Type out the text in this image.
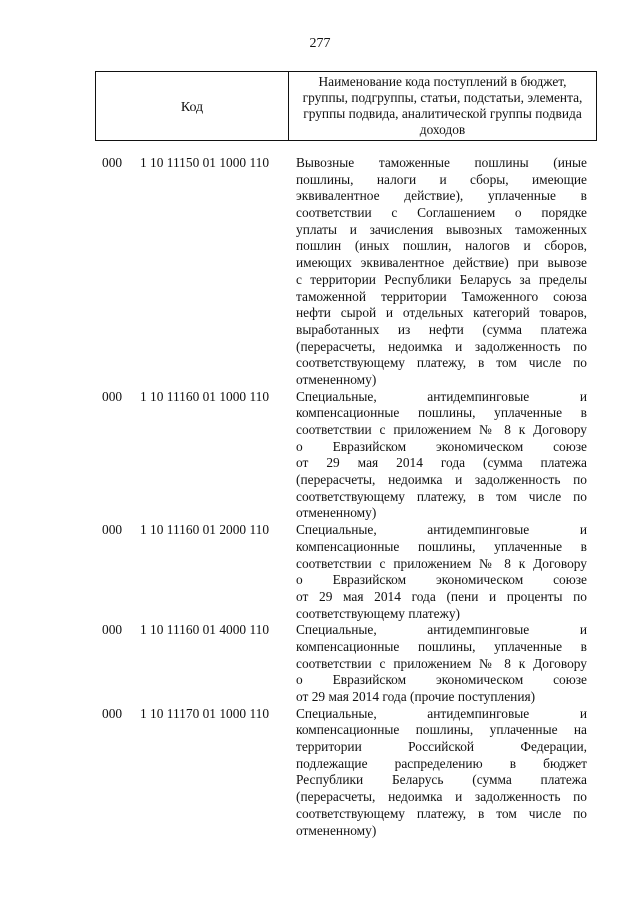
277
Код
Наименование кода поступлений в бюджет, группы, подгруппы, статьи, подстатьи, элемента, группы подвида, аналитической группы подвида доходов
000 1 10 11150 01 1000 110 Вывозные таможенные пошлины (иные
пошлины, налоги и сборы, имеющие
эквивалентное действие), уплаченные в
соответствии с Соглашением о порядке
уплаты и зачисления вывозных таможенных
пошлин (иных пошлин, налогов и сборов,
имеющих эквивалентное действие) при вывозе
с территории Республики Беларусь за пределы
таможенной территории Таможенного союза
нефти сырой и отдельных категорий товаров,
выработанных из нефти (сумма платежа
(перерасчеты, недоимка и задолженность по
соответствующему платежу, в том числе по
отмененному)
000 1 10 11160 01 1000 110 Специальные, антидемпинговые и
компенсационные пошлины, уплаченные в
соответствии с приложением № 8 к Договору
о Евразийском экономическом союзе
от 29 мая 2014 года (сумма платежа
(перерасчеты, недоимка и задолженность по
соответствующему платежу, в том числе по
отмененному)
000 1 10 11160 01 2000 110 Специальные, антидемпинговые и
компенсационные пошлины, уплаченные в
соответствии с приложением № 8 к Договору
о Евразийском экономическом союзе
от 29 мая 2014 года (пени и проценты по
соответствующему платежу)
000 1 10 11160 01 4000 110 Специальные, антидемпинговые и
компенсационные пошлины, уплаченные в
соответствии с приложением № 8 к Договору
о Евразийском экономическом союзе
от 29 мая 2014 года (прочие поступления)
000 1 10 11170 01 1000 110 Специальные, антидемпинговые и
компенсационные пошлины, уплаченные на
территории Российской Федерации,
подлежащие распределению в бюджет
Республики Беларусь (сумма платежа
(перерасчеты, недоимка и задолженность по
соответствующему платежу, в том числе по
отмененному)
